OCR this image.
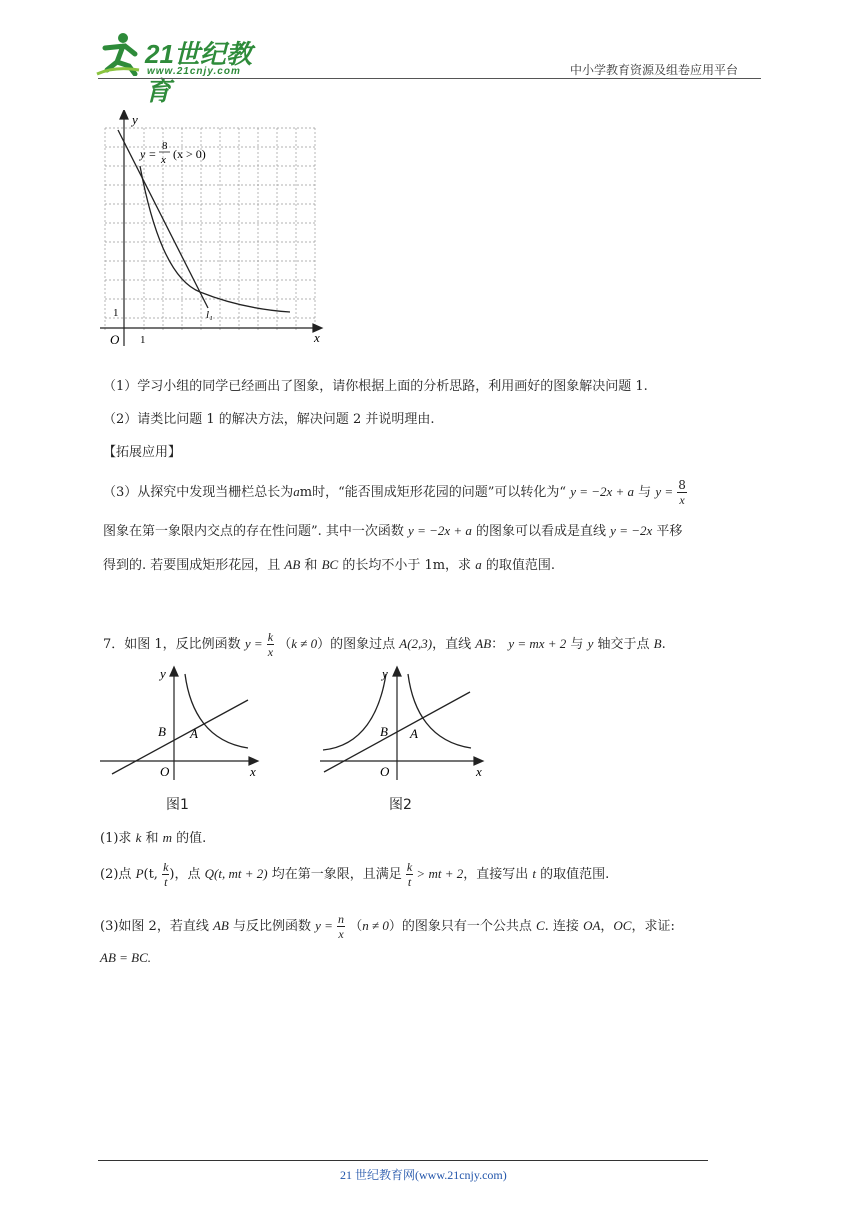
21世纪教育
www.21cnjy.com	中小学教育资源及组卷应用平台
y
x
O 1
1
y =
8
x (x > 0)
l₁
（1）学习小组的同学已经画出了图象，请你根据上面的分析思路，利用画好的图象解决问题 1.
（2）请类比问题 1 的解决方法，解决问题 2 并说明理由.
【拓展应用】
（3）从探究中发现当栅栏总长为am时，“能否围成矩形花园的问题”可以转化为“ y = −2x + a 与 $y = \frac{8}{x}$
图象在第一象限内交点的存在性问题”. 其中一次函数 y = −2x + a 的图象可以看成是直线 y = −2x 平移
得到的. 若要围成矩形花园，且 AB 和 BC 的长均不小于 1m，求 a 的取值范围.
7．如图 1，反比例函数 $y = \frac{k}{x} (k \ne 0)$的图象过点 A(2,3)，直线 AB： y = mx + 2 与 y 轴交于点 B.
y
x
O
B A
图1
y
x
O
B A
图2
(1)求 k 和 m 的值.
(2)点 P(t, $\frac{k}{t}$ )，点 Q(t, mt + 2) 均在第一象限，且满足 $\frac{k}{t}$ > mt + 2，直接写出 t 的取值范围.
(3)如图 2，若直线 AB 与反比例函数 $y = \frac{n}{x} (n \ne 0)$的图象只有一个公共点 C. 连接 OA，OC，求证:
AB = BC.
21 世纪教育网(www.21cnjy.com)
